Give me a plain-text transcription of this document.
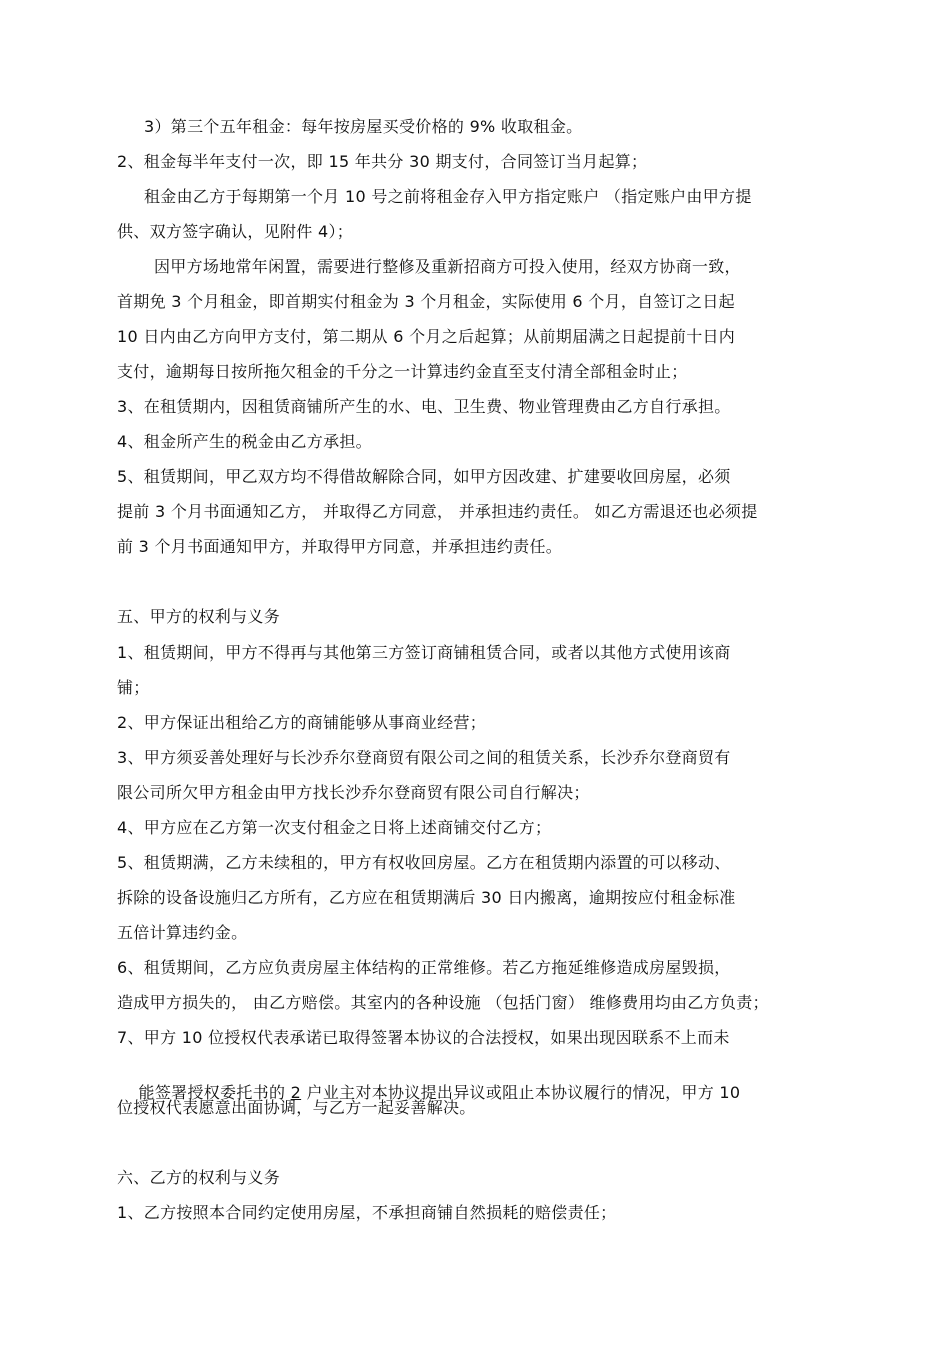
3）第三个五年租金：每年按房屋买受价格的 9% 收取租金。
2、租金每半年支付一次，即 15 年共分 30 期支付，合同签订当月起算；
租金由乙方于每期第一个月 10 号之前将租金存入甲方指定账户 （指定账户由甲方提
供、双方签字确认，见附件 4）；
因甲方场地常年闲置，需要进行整修及重新招商方可投入使用，经双方协商一致，
首期免 3 个月租金，即首期实付租金为 3 个月租金，实际使用 6 个月，自签订之日起
10 日内由乙方向甲方支付，第二期从 6 个月之后起算；从前期届满之日起提前十日内
支付，逾期每日按所拖欠租金的千分之一计算违约金直至支付清全部租金时止；
3、在租赁期内，因租赁商铺所产生的水、电、卫生费、物业管理费由乙方自行承担。
4、租金所产生的税金由乙方承担。
5、租赁期间，甲乙双方均不得借故解除合同，如甲方因改建、扩建要收回房屋，必须
提前 3 个月书面通知乙方， 并取得乙方同意， 并承担违约责任。 如乙方需退还也必须提
前 3 个月书面通知甲方，并取得甲方同意，并承担违约责任。
五、甲方的权利与义务
1、租赁期间，甲方不得再与其他第三方签订商铺租赁合同，或者以其他方式使用该商
铺；
2、甲方保证出租给乙方的商铺能够从事商业经营；
3、甲方须妥善处理好与长沙乔尔登商贸有限公司之间的租赁关系，长沙乔尔登商贸有
限公司所欠甲方租金由甲方找长沙乔尔登商贸有限公司自行解决；
4、甲方应在乙方第一次支付租金之日将上述商铺交付乙方；
5、租赁期满，乙方未续租的，甲方有权收回房屋。乙方在租赁期内添置的可以移动、
拆除的设备设施归乙方所有，乙方应在租赁期满后 30 日内搬离，逾期按应付租金标准
五倍计算违约金。
6、租赁期间，乙方应负责房屋主体结构的正常维修。若乙方拖延维修造成房屋毁损，
造成甲方损失的， 由乙方赔偿。其室内的各种设施 （包括门窗） 维修费用均由乙方负责；
7、甲方 10 位授权代表承诺已取得签署本协议的合法授权，如果出现因联系不上而未

能签署授权委托书的 2 户业主对本协议提出异议或阻止本协议履行的情况，甲方 10

位授权代表愿意出面协调，与乙方一起妥善解决。
六、乙方的权利与义务
1、乙方按照本合同约定使用房屋，不承担商铺自然损耗的赔偿责任；
